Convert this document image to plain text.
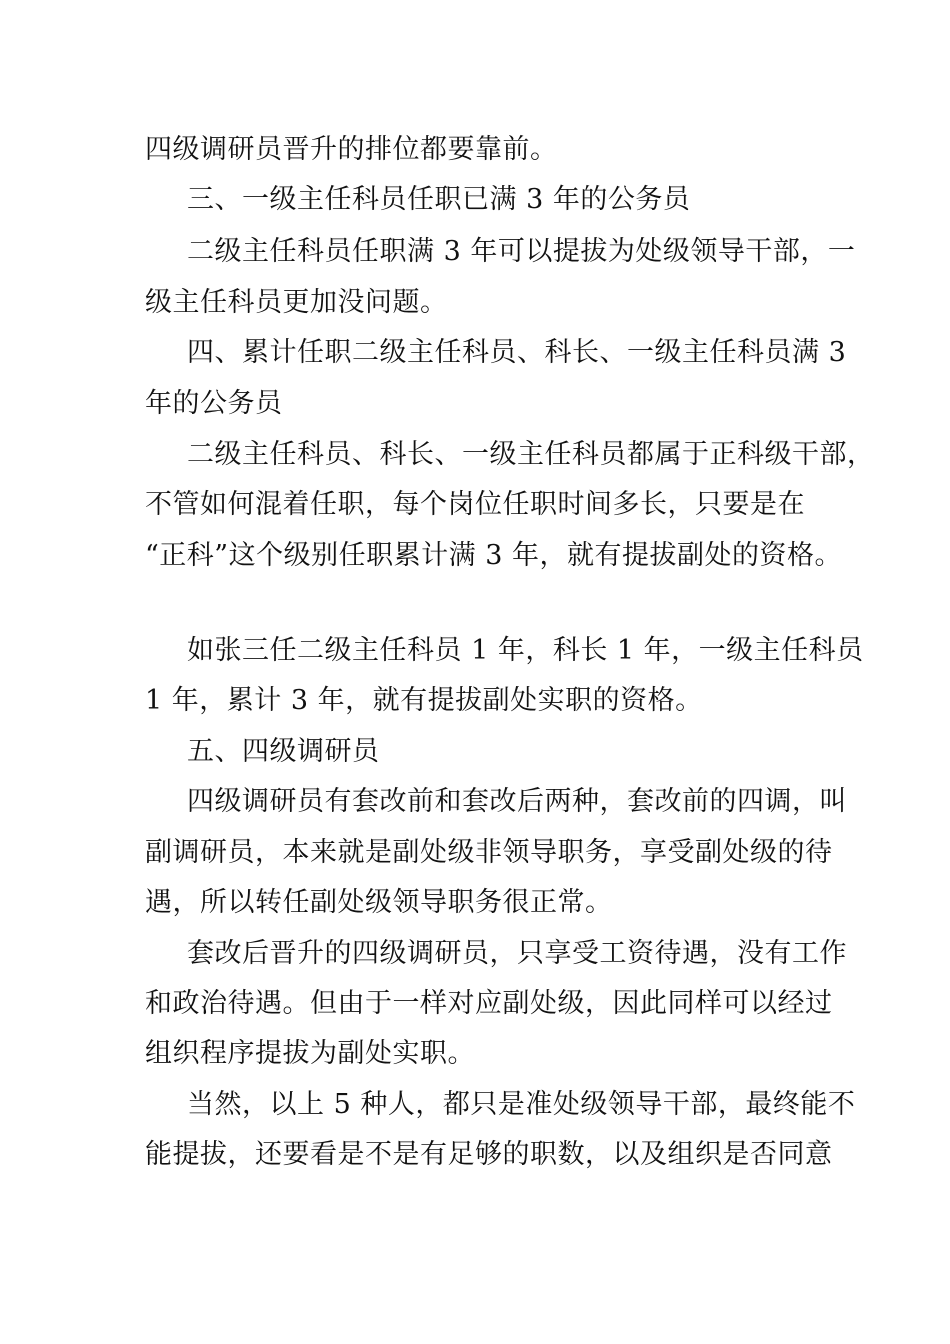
四级调研员晋升的排位都要靠前。
三、一级主任科员任职已满 3 年的公务员
二级主任科员任职满 3 年可以提拔为处级领导干部，一
级主任科员更加没问题。
四、累计任职二级主任科员、科长、一级主任科员满 3
年的公务员
二级主任科员、科长、一级主任科员都属于正科级干部，
不管如何混着任职，每个岗位任职时间多长，只要是在
“正科”这个级别任职累计满 3 年，就有提拔副处的资格。
如张三任二级主任科员 1 年，科长 1 年，一级主任科员
1 年，累计 3 年，就有提拔副处实职的资格。
五、四级调研员
四级调研员有套改前和套改后两种，套改前的四调，叫
副调研员，本来就是副处级非领导职务，享受副处级的待
遇，所以转任副处级领导职务很正常。
套改后晋升的四级调研员，只享受工资待遇，没有工作
和政治待遇。但由于一样对应副处级，因此同样可以经过
组织程序提拔为副处实职。
当然，以上 5 种人，都只是准处级领导干部，最终能不
能提拔，还要看是不是有足够的职数，以及组织是否同意
